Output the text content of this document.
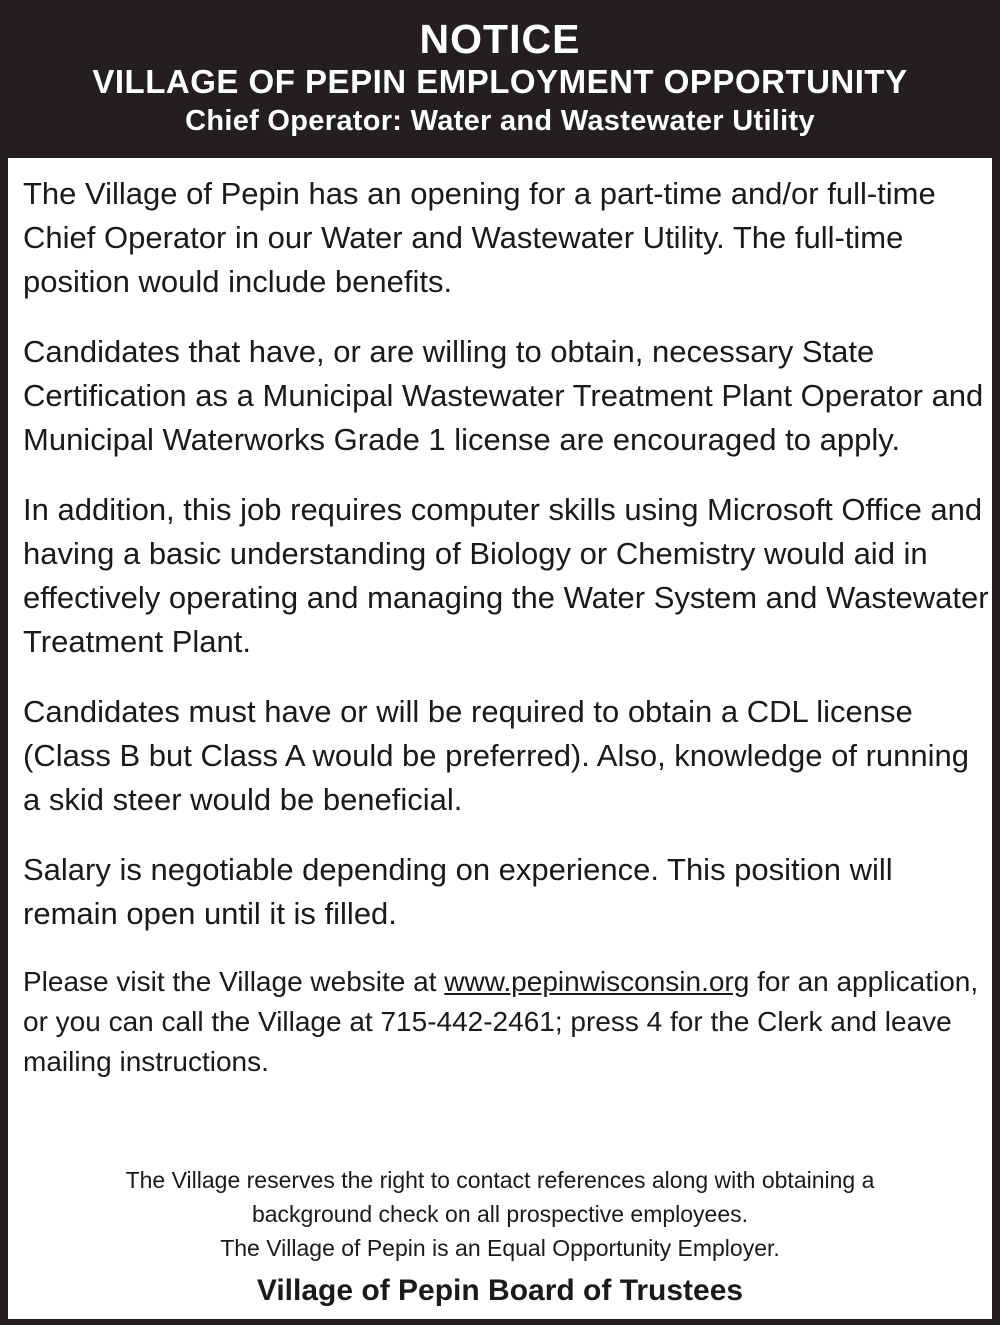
NOTICE
VILLAGE OF PEPIN EMPLOYMENT OPPORTUNITY
Chief Operator: Water and Wastewater Utility

The Village of Pepin has an opening for a part-time and/or full-time Chief Operator in our Water and Wastewater Utility. The full-time position would include benefits.

Candidates that have, or are willing to obtain, necessary State Certification as a Municipal Wastewater Treatment Plant Operator and Municipal Waterworks Grade 1 license are encouraged to apply.

In addition, this job requires computer skills using Microsoft Office and having a basic understanding of Biology or Chemistry would aid in effectively operating and managing the Water System and Wastewater Treatment Plant.

Candidates must have or will be required to obtain a CDL license (Class B but Class A would be preferred). Also, knowledge of running a skid steer would be beneficial.

Salary is negotiable depending on experience. This position will remain open until it is filled.

Please visit the Village website at www.pepinwisconsin.org for an application, or you can call the Village at 715-442-2461; press 4 for the Clerk and leave mailing instructions.

The Village reserves the right to contact references along with obtaining a
background check on all prospective employees.
The Village of Pepin is an Equal Opportunity Employer.
Village of Pepin Board of Trustees
